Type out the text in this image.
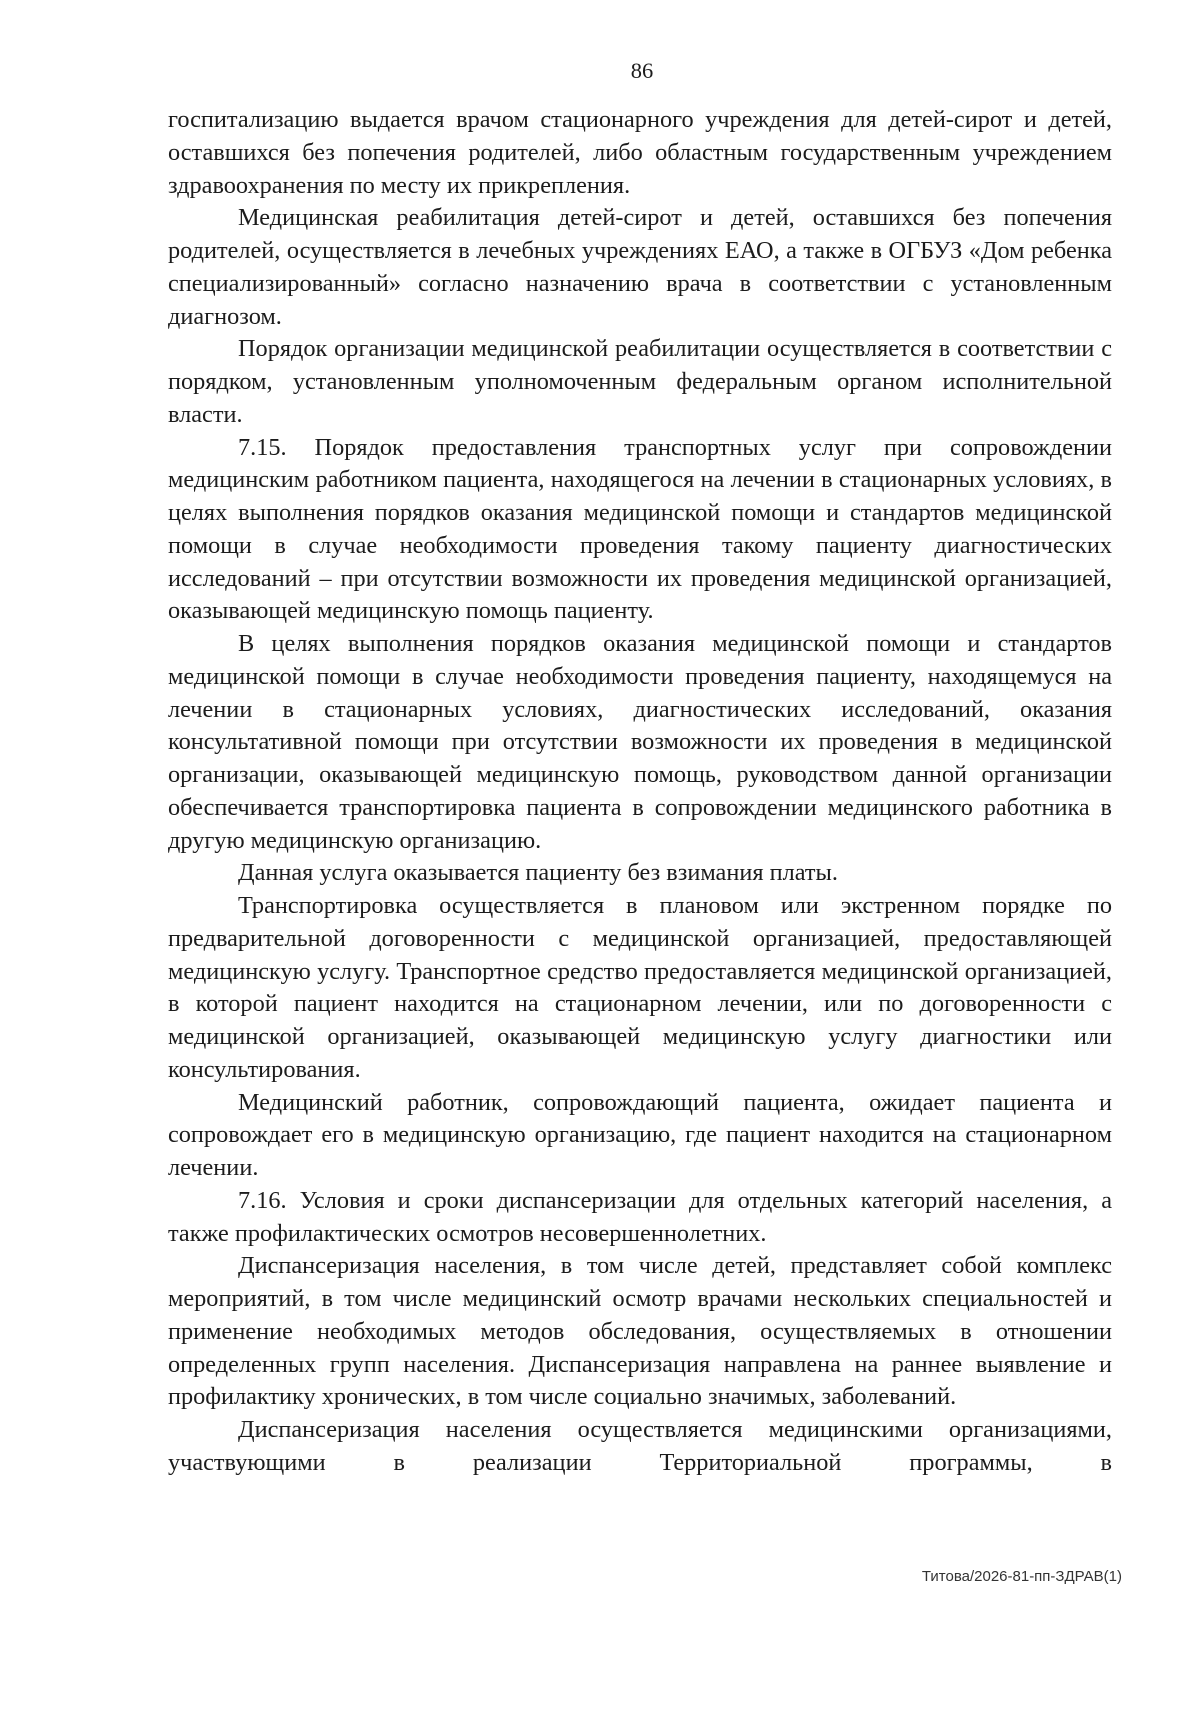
86

госпитализацию выдается врачом стационарного учреждения для детей-сирот и детей, оставшихся без попечения родителей, либо областным государственным учреждением здравоохранения по месту их прикрепления.

Медицинская реабилитация детей-сирот и детей, оставшихся без попечения родителей, осуществляется в лечебных учреждениях ЕАО, а также в ОГБУЗ «Дом ребенка специализированный» согласно назначению врача в соответствии с установленным диагнозом.

Порядок организации медицинской реабилитации осуществляется в соответствии с порядком, установленным уполномоченным федеральным органом исполнительной власти.

7.15. Порядок предоставления транспортных услуг при сопровождении медицинским работником пациента, находящегося на лечении в стационарных условиях, в целях выполнения порядков оказания медицинской помощи и стандартов медицинской помощи в случае необходимости проведения такому пациенту диагностических исследований – при отсутствии возможности их проведения медицинской организацией, оказывающей медицинскую помощь пациенту.

В целях выполнения порядков оказания медицинской помощи и стандартов медицинской помощи в случае необходимости проведения пациенту, находящемуся на лечении в стационарных условиях, диагностических исследований, оказания консультативной помощи при отсутствии возможности их проведения в медицинской организации, оказывающей медицинскую помощь, руководством данной организации обеспечивается транспортировка пациента в сопровождении медицинского работника в другую медицинскую организацию.

Данная услуга оказывается пациенту без взимания платы.

Транспортировка осуществляется в плановом или экстренном порядке по предварительной договоренности с медицинской организацией, предоставляющей медицинскую услугу. Транспортное средство предоставляется медицинской организацией, в которой пациент находится на стационарном лечении, или по договоренности с медицинской организацией, оказывающей медицинскую услугу диагностики или консультирования.

Медицинский работник, сопровождающий пациента, ожидает пациента и сопровождает его в медицинскую организацию, где пациент находится на стационарном лечении.

7.16. Условия и сроки диспансеризации для отдельных категорий населения, а также профилактических осмотров несовершеннолетних.

Диспансеризация населения, в том числе детей, представляет собой комплекс мероприятий, в том числе медицинский осмотр врачами нескольких специальностей и применение необходимых методов обследования, осуществляемых в отношении определенных групп населения. Диспансеризация направлена на раннее выявление и профилактику хронических, в том числе социально значимых, заболеваний.

Диспансеризация населения осуществляется медицинскими организациями, участвующими в реализации Территориальной программы, в

Титова/2026-81-пп-ЗДРАВ(1)
